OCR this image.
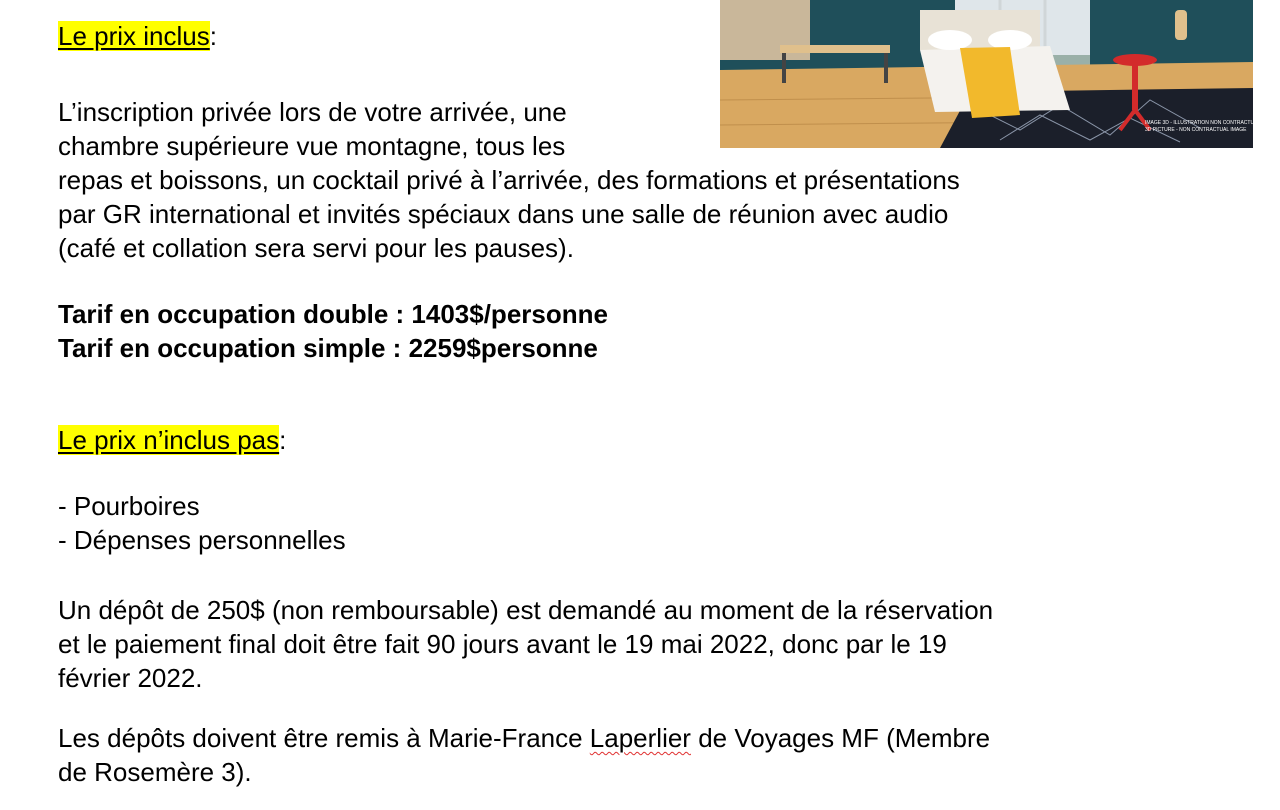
IMAGE 3D - ILLUSTRATION NON CONTRACTUELLE
3D PICTURE - NON CONTRACTUAL IMAGE
Le prix inclus:
L’inscription privée lors de votre arrivée, une
chambre supérieure vue montagne, tous les
repas et boissons, un cocktail privé à l’arrivée, des formations et présentations
par GR international et invités spéciaux dans une salle de réunion avec audio
(café et collation sera servi pour les pauses).
Tarif en occupation double : 1403$/personne
Tarif en occupation simple : 2259$personne
Le prix n’inclus pas:
- Pourboires
- Dépenses personnelles
Un dépôt de 250$ (non remboursable) est demandé au moment de la réservation
et le paiement final doit être fait 90 jours avant le 19 mai 2022, donc par le 19
février 2022.
Les dépôts doivent être remis à Marie-France Laperlier de Voyages MF (Membre
de Rosemère 3).
